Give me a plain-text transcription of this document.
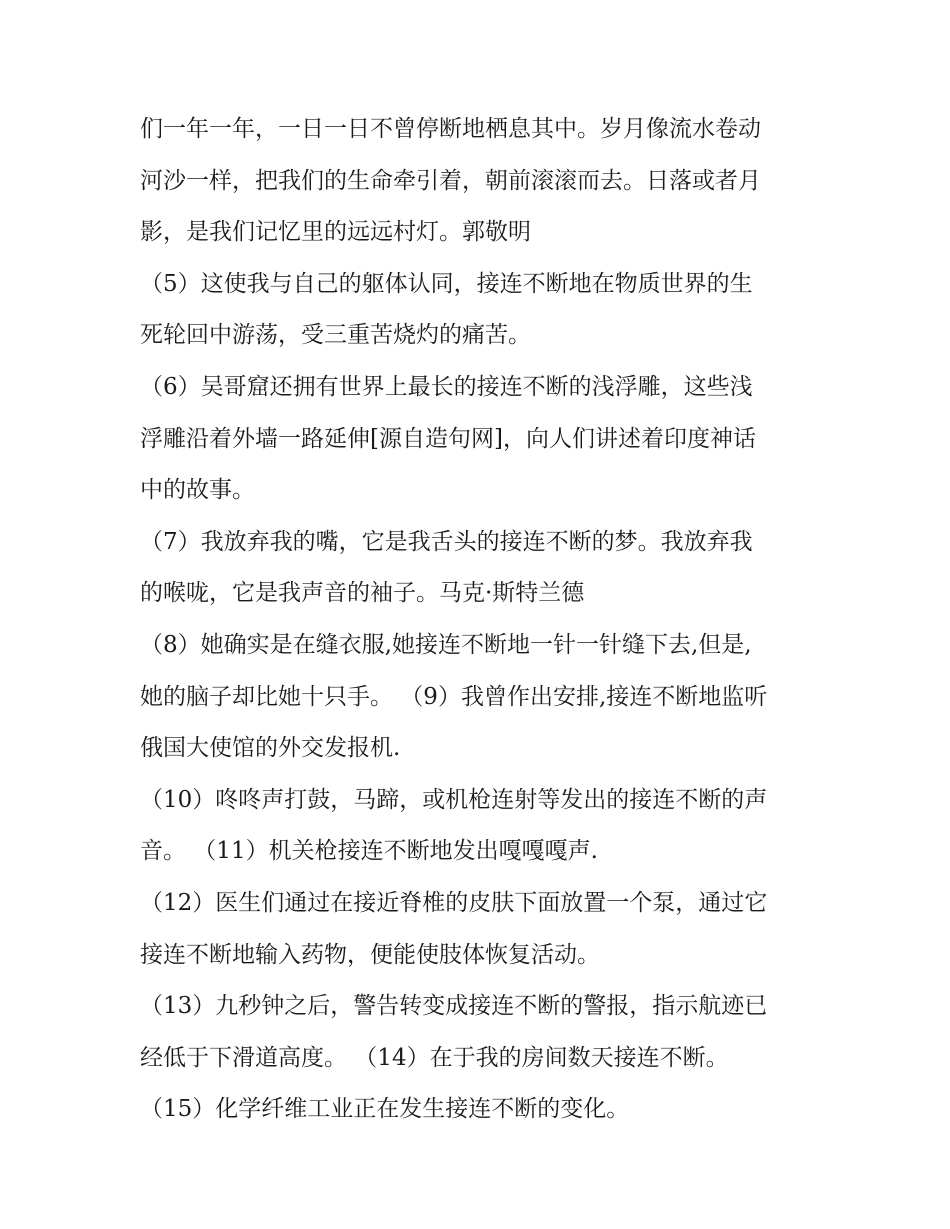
们一年一年，一日一日不曾停断地栖息其中。岁月像流水卷动
河沙一样，把我们的生命牵引着，朝前滚滚而去。日落或者月
影，是我们记忆里的远远村灯。郭敬明
（5）这使我与自己的躯体认同，接连不断地在物质世界的生
死轮回中游荡，受三重苦烧灼的痛苦。
（6）吴哥窟还拥有世界上最长的接连不断的浅浮雕，这些浅
浮雕沿着外墙一路延伸[源自造句网]，向人们讲述着印度神话
中的故事。
（7）我放弃我的嘴，它是我舌头的接连不断的梦。我放弃我
的喉咙，它是我声音的袖子。马克·斯特兰德
（8）她确实是在缝衣服,她接连不断地一针一针缝下去,但是,
她的脑子却比她十只手。 （9）我曾作出安排,接连不断地监听
俄国大使馆的外交发报机.
（10）咚咚声打鼓，马蹄，或机枪连射等发出的接连不断的声
音。 （11）机关枪接连不断地发出嘎嘎嘎声.
（12）医生们通过在接近脊椎的皮肤下面放置一个泵，通过它
接连不断地输入药物，便能使肢体恢复活动。
（13）九秒钟之后，警告转变成接连不断的警报，指示航迹已
经低于下滑道高度。 （14）在于我的房间数天接连不断。
（15）化学纤维工业正在发生接连不断的变化。
